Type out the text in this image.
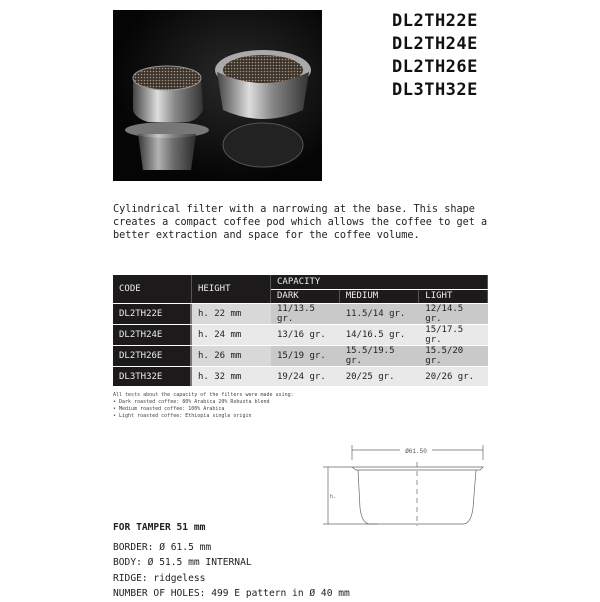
DL2TH22E
DL2TH24E
DL2TH26E
DL3TH32E
Cylindrical filter with a narrowing at the base. This shape creates a compact coffee pod which allows the coffee to get a better extraction and space for the coffee volume.
CODE	HEIGHT	CAPACITY		
		DARK	MEDIUM	LIGHT
DL2TH22E	h. 22 mm	11/13.5 gr.	11.5/14 gr.	12/14.5 gr.
DL2TH24E	h. 24 mm	13/16 gr.	14/16.5 gr.	15/17.5 gr.
DL2TH26E	h. 26 mm	15/19 gr.	15.5/19.5 gr.	15.5/20 gr.
DL3TH32E	h. 32 mm	19/24 gr.	20/25 gr.	20/26 gr.
All tests about the capacity of the filters were made using:
• Dark roasted coffee: 80% Arabica 20% Robusta blend
• Medium roasted coffee: 100% Arabica
• Light roasted coffee: Ethiopia single origin
Ø61.50
h.
FOR TAMPER 51 mm
BORDER: Ø 61.5 mm
BODY: Ø 51.5 mm INTERNAL
RIDGE: ridgeless
NUMBER OF HOLES: 499 E pattern in Ø 40 mm
